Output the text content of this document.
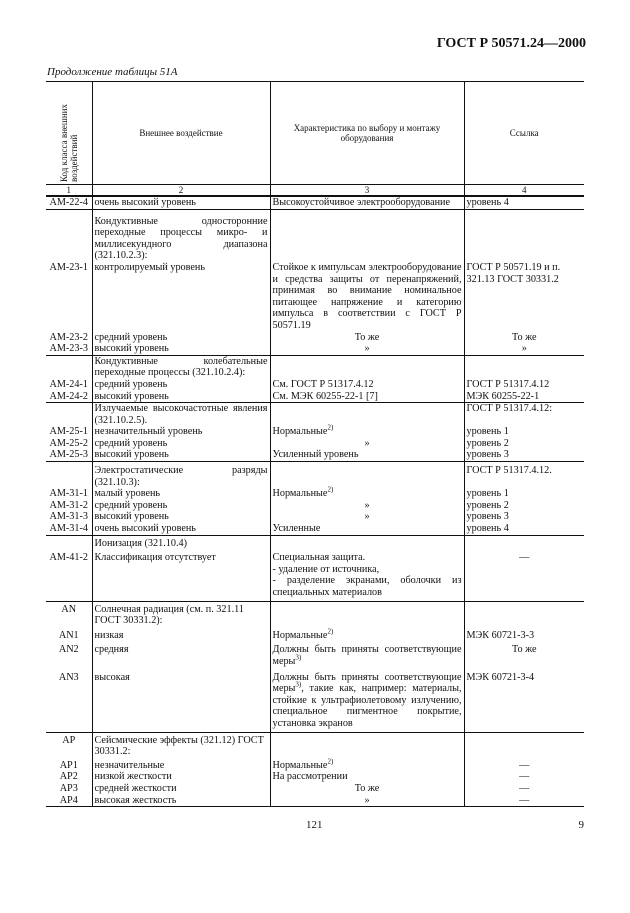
ГОСТ Р 50571.24—2000
Продолжение таблицы 51А
Код класса внешних воздействий	Внешнее воздействие	Характеристика по выбору и монтажу оборудования	Ссылка
1	2	3	4
АМ-22-4	очень высокий уровень	Высокоустойчивое электрооборудование	уровень 4
	Кондуктивные односторонние переходные процессы микро- и миллисекундного диапазона (321.10.2.3):		
АМ-23-1	контролируемый уровень	Стойкое к импульсам электрооборудование и средства защиты от перенапряжений, принимая во внимание номинальное питающее напряжение и категорию импульса в соответствии с ГОСТ Р 50571.19	ГОСТ Р 50571.19 и п. 321.13 ГОСТ 30331.2
АМ-23-2	средний уровень	То же	То же
АМ-23-3	высокий уровень	»	»
	Кондуктивные колебательные переходные процессы (321.10.2.4):		
АМ-24-1	средний уровень	См. ГОСТ Р 51317.4.12	ГОСТ Р 51317.4.12
АМ-24-2	высокий уровень	См. МЭК 60255-22-1 [7]	МЭК 60255-22-1
	Излучаемые высокочастотные явления (321.10.2.5).		ГОСТ Р 51317.4.12:
АМ-25-1	незначительный уровень	Нормальные$^{2)}$	уровень 1
АМ-25-2	средний уровень	»	уровень 2
АМ-25-3	высокий уровень	Усиленный уровень	уровень 3
	Электростатические разряды (321.10.3):		ГОСТ Р 51317.4.12.
АМ-31-1	малый уровень	Нормальные$^{2)}$	уровень 1
АМ-31-2	средний уровень	»	уровень 2
АМ-31-3	высокий уровень	»	уровень 3
АМ-31-4	очень высокий уровень	Усиленные	уровень 4
	Ионизация (321.10.4)		
АМ-41-2	Классификация отсутствует	Специальная защита.
- удаление от источника,
- разделение экранами, оболочки из специальных материалов	—
AN	Солнечная радиация (см. п. 321.11 ГОСТ 30331.2):		
AN1	низкая	Нормальные$^{2)}$	МЭК 60721-3-3
AN2	средняя	Должны быть приняты соответствующие меры$^{3)}$	То же
AN3	высокая	Должны быть приняты соответствующие меры$^{3)}$, такие как, например: материалы, стойкие к ультрафиолетовому излучению, специальное пигментное покрытие, установка экранов	МЭК 60721-3-4
AP	Сейсмические эффекты (321.12) ГОСТ 30331.2:		
AP1	незначительные	Нормальные$^{2)}$	—
AP2	низкой жесткости	На рассмотрении	—
AP3	средней жесткости	То же	—
AP4	высокая жесткость	»	—
121	9
